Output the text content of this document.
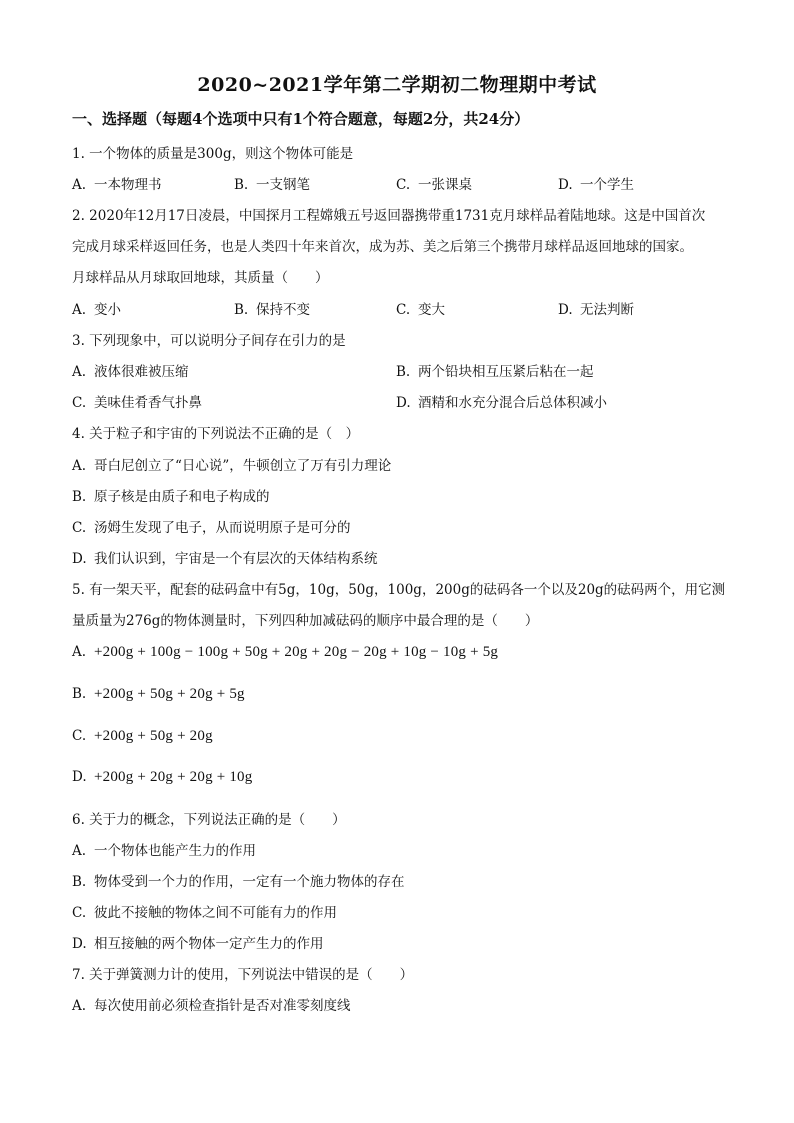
2020~2021学年第二学期初二物理期中考试
一、选择题（每题4个选项中只有1个符合题意，每题2分，共24分）
1. 一个物体的质量是300g，则这个物体可能是
A. 一本物理书	B. 一支钢笔	C. 一张课桌	D. 一个学生
2. 2020年12月17日凌晨，中国探月工程嫦娥五号返回器携带重1731克月球样品着陆地球。这是中国首次
完成月球采样返回任务，也是人类四十年来首次，成为苏、美之后第三个携带月球样品返回地球的国家。
月球样品从月球取回地球，其质量（　　）
A. 变小	B. 保持不变	C. 变大	D. 无法判断
3. 下列现象中，可以说明分子间存在引力的是
A. 液体很难被压缩	B. 两个铅块相互压紧后粘在一起
C. 美味佳肴香气扑鼻	D. 酒精和水充分混合后总体积减小
4. 关于粒子和宇宙的下列说法不正确的是（　）
A. 哥白尼创立了“日心说”，牛顿创立了万有引力理论
B. 原子核是由质子和电子构成的
C. 汤姆生发现了电子，从而说明原子是可分的
D. 我们认识到，宇宙是一个有层次的天体结构系统
5. 有一架天平，配套的砝码盒中有5g，10g，50g，100g，200g的砝码各一个以及20g的砝码两个，用它测
量质量为276g的物体测量时，下列四种加减砝码的顺序中最合理的是（　　）
A. +200g + 100g − 100g + 50g + 20g + 20g − 20g + 10g − 10g + 5g
B. +200g + 50g + 20g + 5g
C. +200g + 50g + 20g
D. +200g + 20g + 20g + 10g
6. 关于力的概念，下列说法正确的是（　　）
A. 一个物体也能产生力的作用
B. 物体受到一个力的作用，一定有一个施力物体的存在
C. 彼此不接触的物体之间不可能有力的作用
D. 相互接触的两个物体一定产生力的作用
7. 关于弹簧测力计的使用，下列说法中错误的是（　　）
A. 每次使用前必须检查指针是否对准零刻度线
